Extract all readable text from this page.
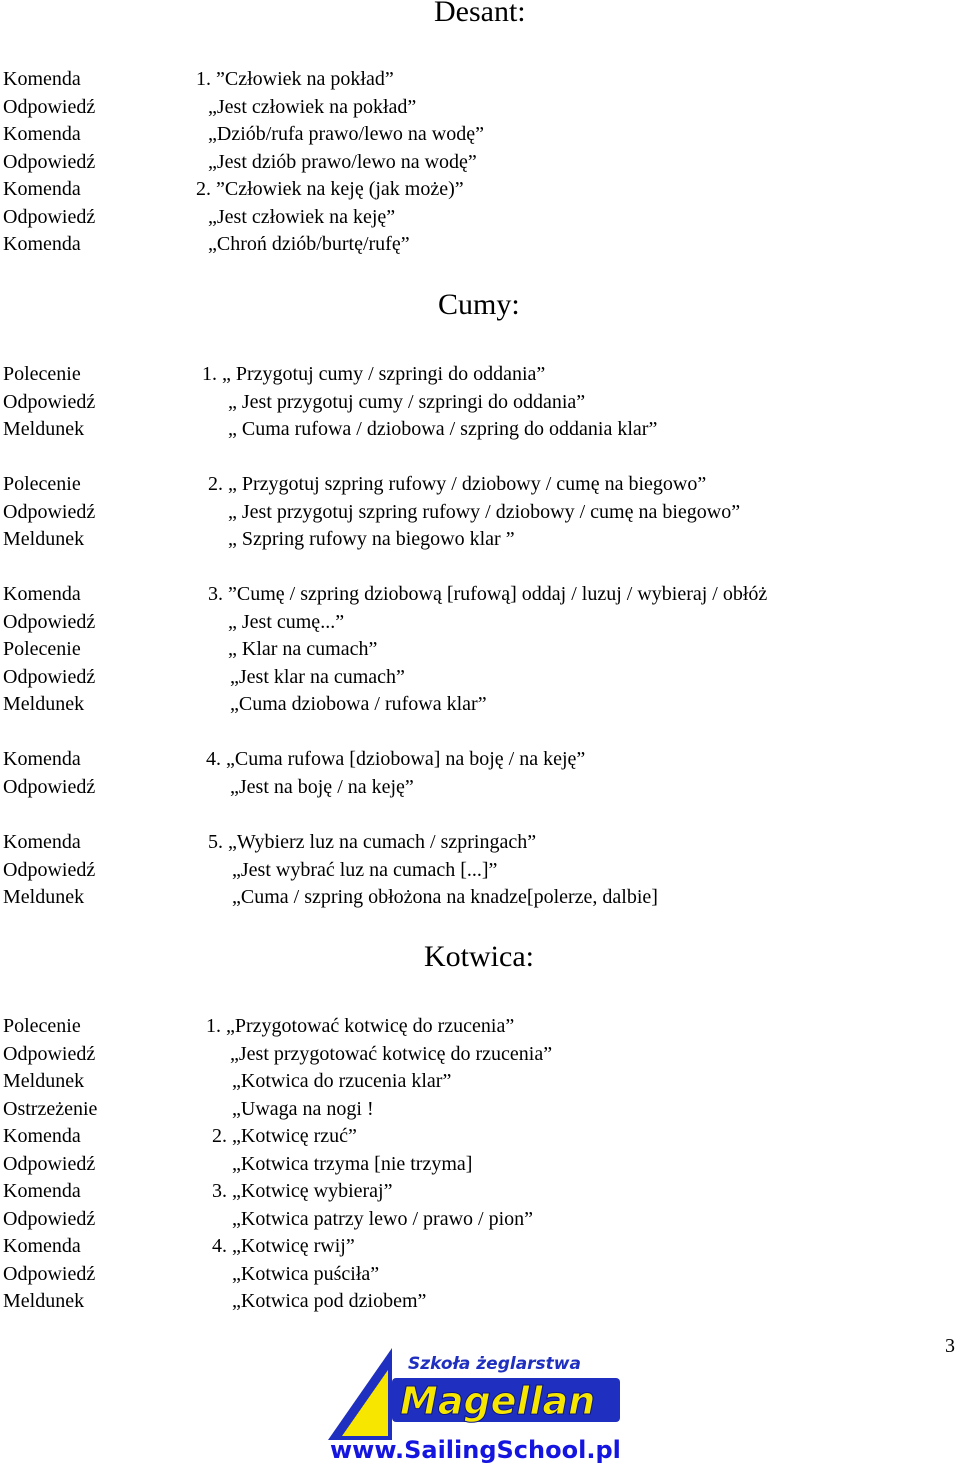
Desant:
Komenda	1. ”Człowiek na pokład”
Odpowiedź	„Jest człowiek na pokład”
Komenda	„Dziób/rufa prawo/lewo na wodę”
Odpowiedź	„Jest dziób prawo/lewo na wodę”
Komenda	2. ”Człowiek na keję (jak może)”
Odpowiedź	„Jest człowiek na keję”
Komenda	„Chroń dziób/burtę/rufę”
Cumy:
Polecenie	1. „ Przygotuj cumy / szpringi do oddania”
Odpowiedź	„ Jest przygotuj cumy / szpringi do oddania”
Meldunek	„ Cuma rufowa / dziobowa / szpring do oddania klar”
Polecenie	2. „ Przygotuj szpring rufowy / dziobowy / cumę na biegowo”
Odpowiedź	„ Jest przygotuj szpring rufowy / dziobowy / cumę na biegowo”
Meldunek	„ Szpring rufowy na biegowo klar ”
Komenda	3. ”Cumę / szpring dziobową [rufową] oddaj / luzuj / wybieraj / obłóż
Odpowiedź	„ Jest cumę...”
Polecenie	„ Klar na cumach”
Odpowiedź	„Jest klar na cumach”
Meldunek	„Cuma dziobowa / rufowa klar”
Komenda	4. „Cuma rufowa [dziobowa] na boję / na keję”
Odpowiedź	„Jest na boję / na keję”
Komenda	5. „Wybierz luz na cumach / szpringach”
Odpowiedź	„Jest wybrać luz na cumach [...]”
Meldunek	„Cuma / szpring obłożona na knadze[polerze, dalbie]
Kotwica:
Polecenie	1. „Przygotować kotwicę do rzucenia”
Odpowiedź	„Jest przygotować kotwicę do rzucenia”
Meldunek	„Kotwica do rzucenia klar”
Ostrzeżenie	„Uwaga na nogi !
Komenda	2. „Kotwicę rzuć”
Odpowiedź	„Kotwica trzyma [nie trzyma]
Komenda	3. „Kotwicę wybieraj”
Odpowiedź	„Kotwica patrzy lewo / prawo / pion”
Komenda	4. „Kotwicę rwij”
Odpowiedź	„Kotwica puściła”
Meldunek	„Kotwica pod dziobem”
3
Szkoła żeglarstwa
Magellan
www.SailingSchool.pl
